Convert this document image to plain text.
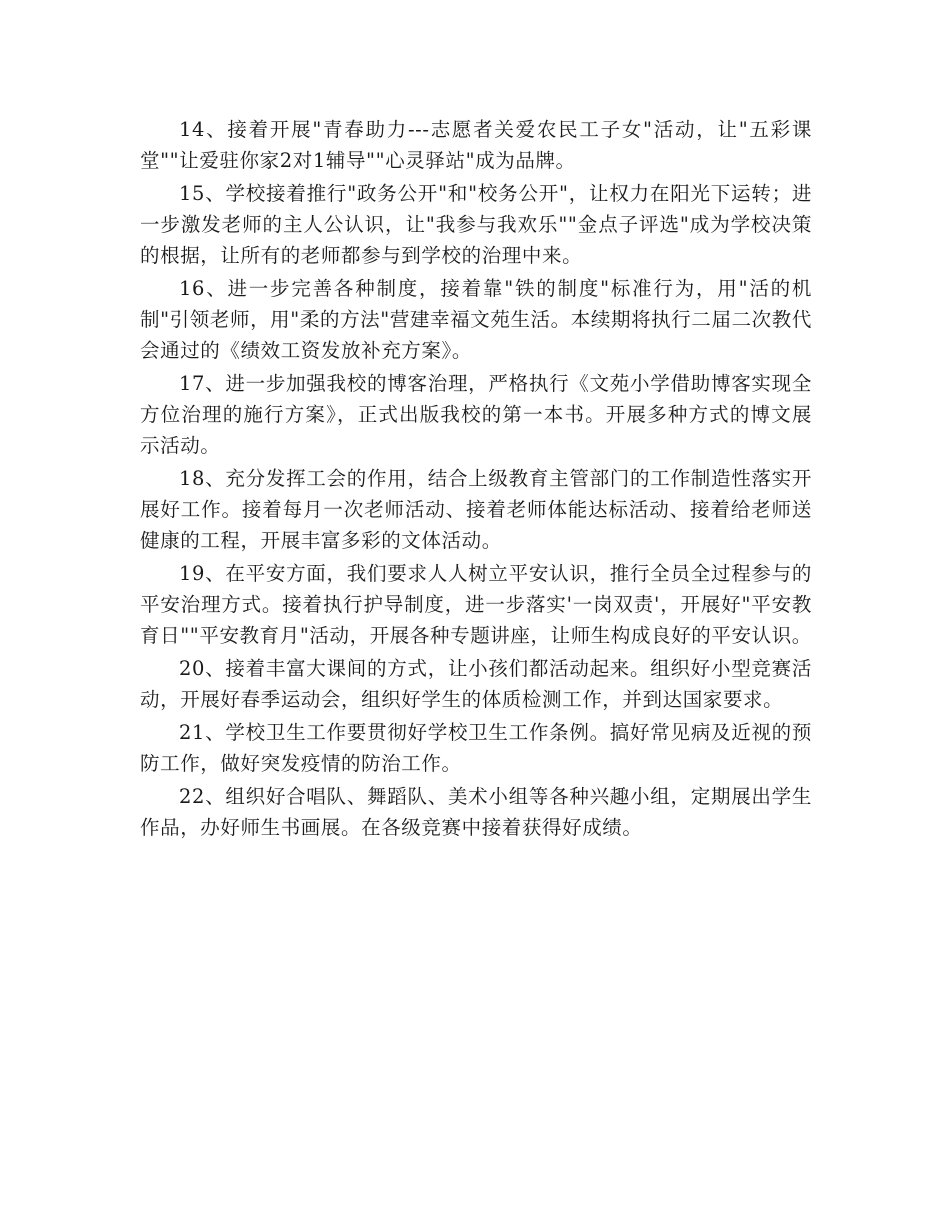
14、接着开展"青春助力---志愿者关爱农民工子女"活动，让"五彩课堂""让爱驻你家2对1辅导""心灵驿站"成为品牌。

15、学校接着推行"政务公开"和"校务公开"，让权力在阳光下运转；进一步激发老师的主人公认识，让"我参与我欢乐""金点子评选"成为学校决策的根据，让所有的老师都参与到学校的治理中来。

16、进一步完善各种制度，接着靠"铁的制度"标准行为，用"活的机制"引领老师，用"柔的方法"营建幸福文苑生活。本续期将执行二届二次教代会通过的《绩效工资发放补充方案》。

17、进一步加强我校的博客治理，严格执行《文苑小学借助博客实现全方位治理的施行方案》，正式出版我校的第一本书。开展多种方式的博文展示活动。

18、充分发挥工会的作用，结合上级教育主管部门的工作制造性落实开展好工作。接着每月一次老师活动、接着老师体能达标活动、接着给老师送健康的工程，开展丰富多彩的文体活动。

19、在平安方面，我们要求人人树立平安认识，推行全员全过程参与的平安治理方式。接着执行护导制度，进一步落实'一岗双责'，开展好"平安教育日""平安教育月"活动，开展各种专题讲座，让师生构成良好的平安认识。

20、接着丰富大课间的方式，让小孩们都活动起来。组织好小型竞赛活动，开展好春季运动会，组织好学生的体质检测工作，并到达国家要求。

21、学校卫生工作要贯彻好学校卫生工作条例。搞好常见病及近视的预防工作，做好突发疫情的防治工作。

22、组织好合唱队、舞蹈队、美术小组等各种兴趣小组，定期展出学生作品，办好师生书画展。在各级竞赛中接着获得好成绩。
